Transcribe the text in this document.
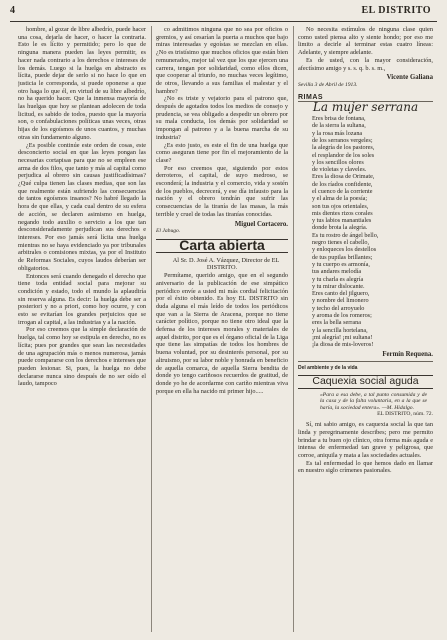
4	EL DISTRITO

hombre, al gozar de libre albedrío, puede hacer una cosa, dejarla de hacer, o hacer la contraria. Esto le es lícito y permitido; pero lo que de ninguna manera pueden las leyes permitir, es hacer nada contrario a los derechos e intereses de los demás. Luego si la huelga en abstracto es lícita, puede dejar de serlo si no hace lo que en justicia le corresponda, si puede oponerse a que otro haga lo que él, en virtud de su libre albedrío, no ha querido hacer. Que la inmensa mayoría de las huelgas que hoy se plantean adolecen de toda licitud, es sabido de todos, puesto que la mayoría son, o confabulaciones políticas unas veces, otras hijas de los egoísmos de unos cuantos, y muchas otras sin fundamento alguno.

¿Es posible continúe este orden de cosas, este desconcierto social en que las leyes pongan las necesarias cortapisas para que no se empleen ese arma de dos filos, que tanto y más al capital como perjudica al obrero sin causas justificadísimas? ¿Qué culpa tienen las clases medias, que son las que realmente están sufriendo las consecuencias de tantos egoísmos insanos? No habré llegado la hora de que ellas, y cada cual dentro de su esfera de acción, se declaren asimismo en huelga, negando todo auxilio o servicio a los que tan desconsideradamente perjudican sus derechos e intereses. Por eso jamás será lícita una huelga mientras no se haya evidenciado ya por tribunales arbitrales o comisiones mixtas, ya por el Instituto de Reformas Sociales, cuyos laudos deberían ser obligatorios.

Entonces será cuando denegado el derecho que tiene toda entidad social para mejorar su condición y estado, todo el mundo la aplaudiría sin reserva alguna. Es decir: la huelga debe ser a posteriori y no a priori, como hoy ocurre, y con esto se evitarían los grandes perjuicios que se irrogan al capital, a las industrias y a la nación.

Por eso creemos que la simple declaración de huelga, tal como hoy se estipula en derecho, no es lícita; pues por grandes que sean las necesidades de una agrupación más o menos numerosa, jamás puede compararse con los derechos e intereses que pueden lesionar. Si, pues, la huelga no debe declararse nunca sino después de no ser oído el laudo, tampoco

co admitimos ninguna que no sea por oficios o gremios, y así cesarían la puerta a muchos que bajo miras interesadas y egoístas se mezclan en ellas. ¿No es tristísimo que muchos oficios que están bien remunerados, mejor tal vez que los que ejercen una carrera, tengan por solidaridad, como ellos dicen, que cooperar al triunfo, no muchas veces legítimo, de otros, llevando a sus familias el malestar y el hambre?

¿No es triste y vejatorio para el patrono que, después de agotados todos los medios de consejo y prudencia, se vea obligado a despedir un obrero por su mala conducta, los demás por solidaridad se impongan al patrono y a la buena marcha de su industria?

¿Es esto justo, es este el fin de una huelga que como aseguran tiene por fin el mejoramiento de la clase?

Por eso creemos que, siguiendo por estos derroteros, el capital, de suyo medroso, se esconderá; la industria y el comercio, vida y sostén de los pueblos, decrecerá, y ese día infausto para la nación y el obrero tendrán que sufrir las consecuencias de la tiranía de las masas, la más terrible y cruel de todas las tiranías conocidas.

Miguel Cortacero.
El Jabugo.
Carta abierta

Al Sr. D. José A. Vázquez, Director de EL DISTRITO.

Permítame, querido amigo, que en el segundo aniversario de la publicación de ese simpático periódico envíe a usted mi más cordial felicitación por el éxito obtenido. Es hoy EL DISTRITO sin duda alguna el más leído de todos los periódicos que van a la Sierra de Aracena, porque no tiene carácter político, porque no tiene otro ideal que la defensa de los intereses morales y materiales de aquel distrito, por que es el órgano oficial de la Liga que tiene las simpatías de todos los hombres de buena voluntad, por su desinterés personal, por su altruismo, por su labor noble y honrada en beneficio de aquella comarca, de aquella Sierra bendita de donde yo tengo cariñosos recuerdos de gratitud, de donde yo he de acordarme con cariño mientras viva porque en ella ha nacido mi primer hijo.....

No necesita estímulos de ninguna clase quien como usted piensa alto y siente hondo; por eso me limito a decirle al terminar estas cuatro líneas: Adelante, y siempre adelante.

Es de usted, con la mayor consideración, afectísimo amigo y s. s. q. b. s. m.,

Vicente Galiana
Sevilla 3 de Abril de 1913.
RIMAS
La mujer serrana
Eres brisa de fontana,
de la sierra la sultana,
y la rosa más lozana
de los serranos vergeles;
la alegría de los pastores,
el resplandor de los soles
y los sencillos olores
de violetas y claveles.
Eres la diosa de Orimate,
de los ríados confidente,
el cuenco de la corriente
y el alma de la poesía;
son tus ojos orientales,
mis dientes rizos corales
y tus labios manantiales
donde brota la alegría.
Es tu rostro de ángel bello,
negro tienes el cabello,
y enloqueces los destellos
de tus pupilas brillantes;
y tu cuerpo es armonía,
tus andares melodía
y tu charla es alegría
y tu mirar dislocante.
Eres canto del jilguero,
y nombre del limonero
y techo del arroyuelo
y aroma de los romeros;
eres la bella serrana
y la sencilla hortelana,
¡mi alegría! ¡mi sultana!
¡la diosa de mis-loveros!
Fermín Requena.
Del ambiente y de la vida
Caquexia social aguda
«Para a esa debe, a tal punto consumida y de la casa y de la falta voluntaria, en a la que se haría, la sociedad entera». —M. Hidalgo.
EL DISTRITO, núm. 72.

Sí, mi sabio amigo, es caquexia social la que tan linda y peregrinamente describes; pero me permito brindar a tu buen ojo clínico, otra forma más aguda e intensa de enfermedad tan grave y peligrosa, que corroe, aniquila y mata a las sociedades actuales.

Es tal enfermedad lo que hemos dado en llamar en nuestro siglo crímenes pasionales.
